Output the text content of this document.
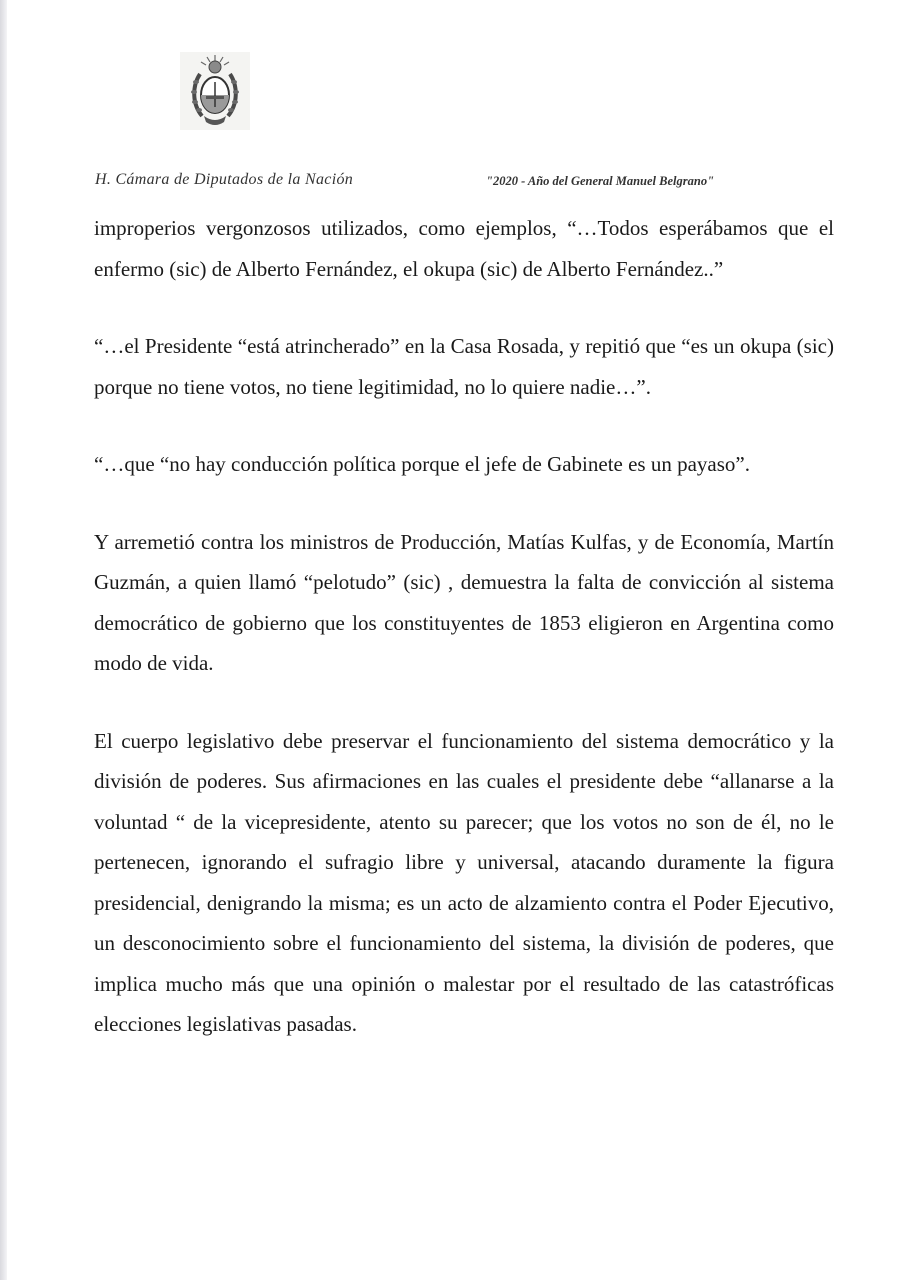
H. Cámara de Diputados de la Nación	"2020 - Año del General Manuel Belgrano"

improperios vergonzosos utilizados, como ejemplos, “…Todos esperábamos que el enfermo (sic) de Alberto Fernández, el okupa (sic) de Alberto Fernández..”

“…el Presidente “está atrincherado” en la Casa Rosada, y repitió que “es un okupa (sic) porque no tiene votos, no tiene legitimidad, no lo quiere nadie…”.

“…que “no hay conducción política porque el jefe de Gabinete es un payaso”.

Y arremetió contra los ministros de Producción, Matías Kulfas, y de Economía, Martín Guzmán, a quien llamó “pelotudo” (sic) , demuestra la falta de convicción al sistema democrático de gobierno que los constituyentes de 1853 eligieron en Argentina como modo de vida.

El cuerpo legislativo debe preservar el funcionamiento del sistema democrático y la división de poderes. Sus afirmaciones en las cuales el presidente debe “allanarse a la voluntad “ de la vicepresidente, atento su parecer; que los votos no son de él, no le pertenecen, ignorando el sufragio libre y universal, atacando duramente la figura presidencial, denigrando la misma; es un acto de alzamiento contra el Poder Ejecutivo, un desconocimiento sobre el funcionamiento del sistema, la división de poderes, que implica mucho más que una opinión o malestar por el resultado de las catastróficas elecciones legislativas pasadas.
